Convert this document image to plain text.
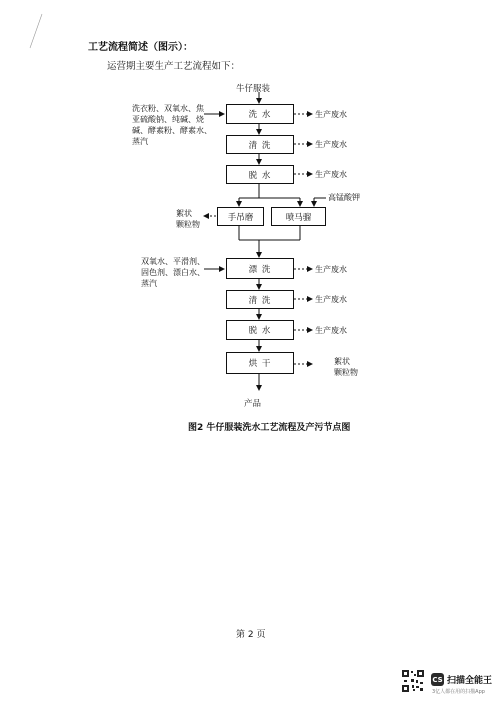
工艺流程简述（图示）：
运营期主要生产工艺流程如下：
牛仔服装
洗 水
清 洗
脱 水
手吊磨	喷马骝
漂 洗
清 洗
脱 水
烘 干
洗衣粉、双氧水、焦
亚硫酸钠、纯碱、烧
碱、酵素粉、酵素水、
蒸汽
高锰酸钾
双氧水、平滑剂、
固色剂、漂白水、
蒸汽
生产废水
生产废水
生产废水
絮状
颗粒物
生产废水
生产废水
生产废水
絮状
颗粒物
产品
图2 牛仔服装洗水工艺流程及产污节点图
第 2 页
CS 扫描全能王
3亿人都在用的扫描App
